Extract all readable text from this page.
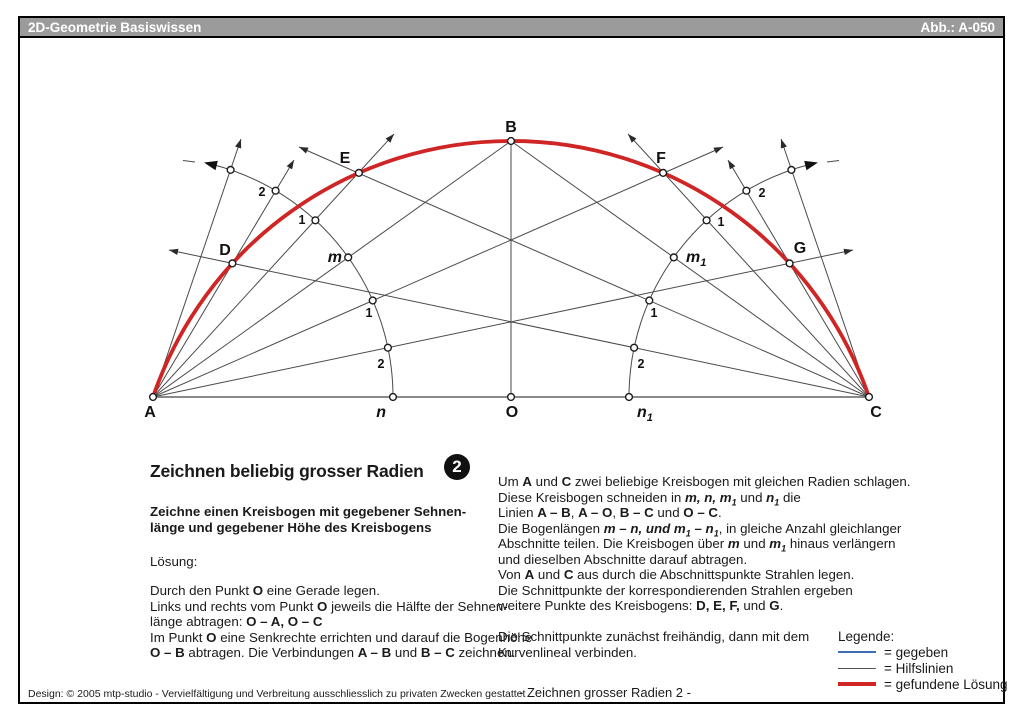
2D-Geometrie Basiswissen	Abb.: A-050
A
B
C
O
D
E	F
G
m	$m_1$
n	$n_1$
2
1
1
2
2
1
1
2
Zeichnen beliebig grosser Radien	2
Zeichne einen Kreisbogen mit gegebener Sehnen-
länge und gegebener Höhe des Kreisbogens
Lösung:
Durch den Punkt O eine Gerade legen.
Links und rechts vom Punkt O jeweils die Hälfte der Sehnen-
länge abtragen: O – A, O – C
Im Punkt O eine Senkrechte errichten und darauf die Bogenhöhe
O – B abtragen. Die Verbindungen A – B und B – C zeichnen.
Um A und C zwei beliebige Kreisbogen mit gleichen Radien schlagen.
Diese Kreisbogen schneiden in m, n, $m_1$ und $n_1$ die
Linien A – B, A – O, B – C und O – C.
Die Bogenlängen m – n, und $m_1 - n_1$, in gleiche Anzahl gleichlanger
Abschnitte teilen. Die Kreisbogen über m und $m_1$ hinaus verlängern
und dieselben Abschnitte darauf abtragen.
Von A und C aus durch die Abschnittspunkte Strahlen legen.
Die Schnittpunkte der korrespondierenden Strahlen ergeben
weitere Punkte des Kreisbogens: D, E, F, und G.
Die Schnittpunkte zunächst freihändig, dann mit dem
Kurvenlineal verbinden.
Legende:
= gegeben
= Hilfslinien
= gefundene Lösung
Design: © 2005 mtp-studio - Vervielfältigung und Verbreitung ausschliesslich zu privaten Zwecken gestattet
- Zeichnen grosser Radien 2 -
